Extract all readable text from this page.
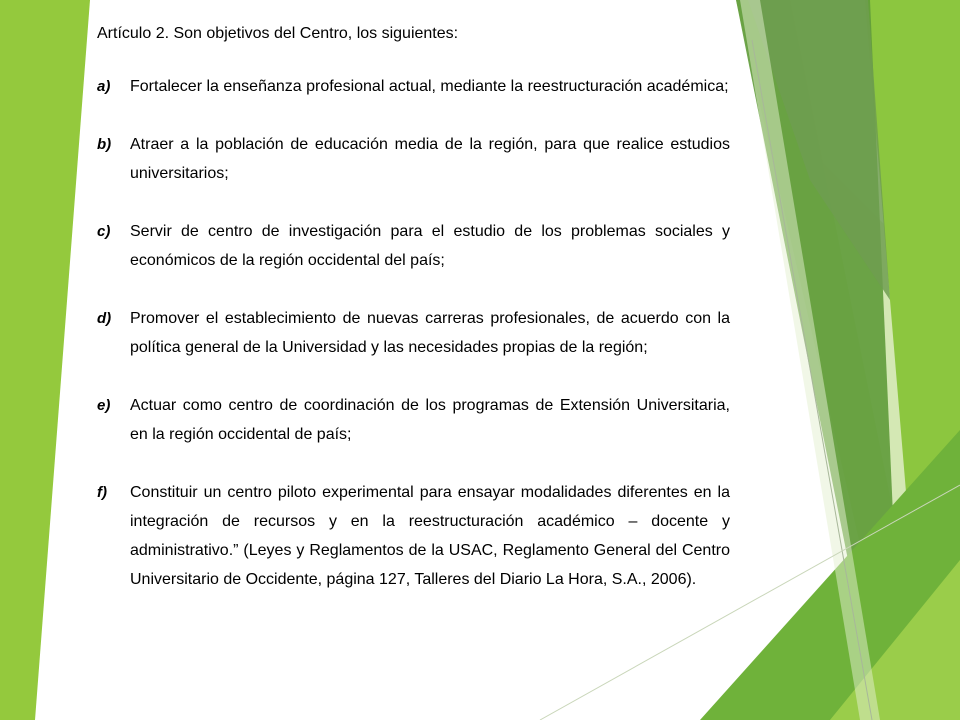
Artículo 2. Son objetivos del Centro, los siguientes:
a) Fortalecer la enseñanza profesional actual, mediante la reestructuración académica;
b) Atraer a la población de educación media de la región, para que realice estudios universitarios;
c) Servir de centro de investigación para el estudio de los problemas sociales y económicos de la región occidental del país;
d) Promover el establecimiento de nuevas carreras profesionales, de acuerdo con la política general de la Universidad y las necesidades propias de la región;
e) Actuar como centro de coordinación de los programas de Extensión Universitaria, en la región occidental de país;
f) Constituir un centro piloto experimental para ensayar modalidades diferentes en la integración de recursos y en la reestructuración académico – docente y administrativo.” (Leyes y Reglamentos de la USAC, Reglamento General del Centro Universitario de Occidente, página 127, Talleres del Diario La Hora, S.A., 2006).
